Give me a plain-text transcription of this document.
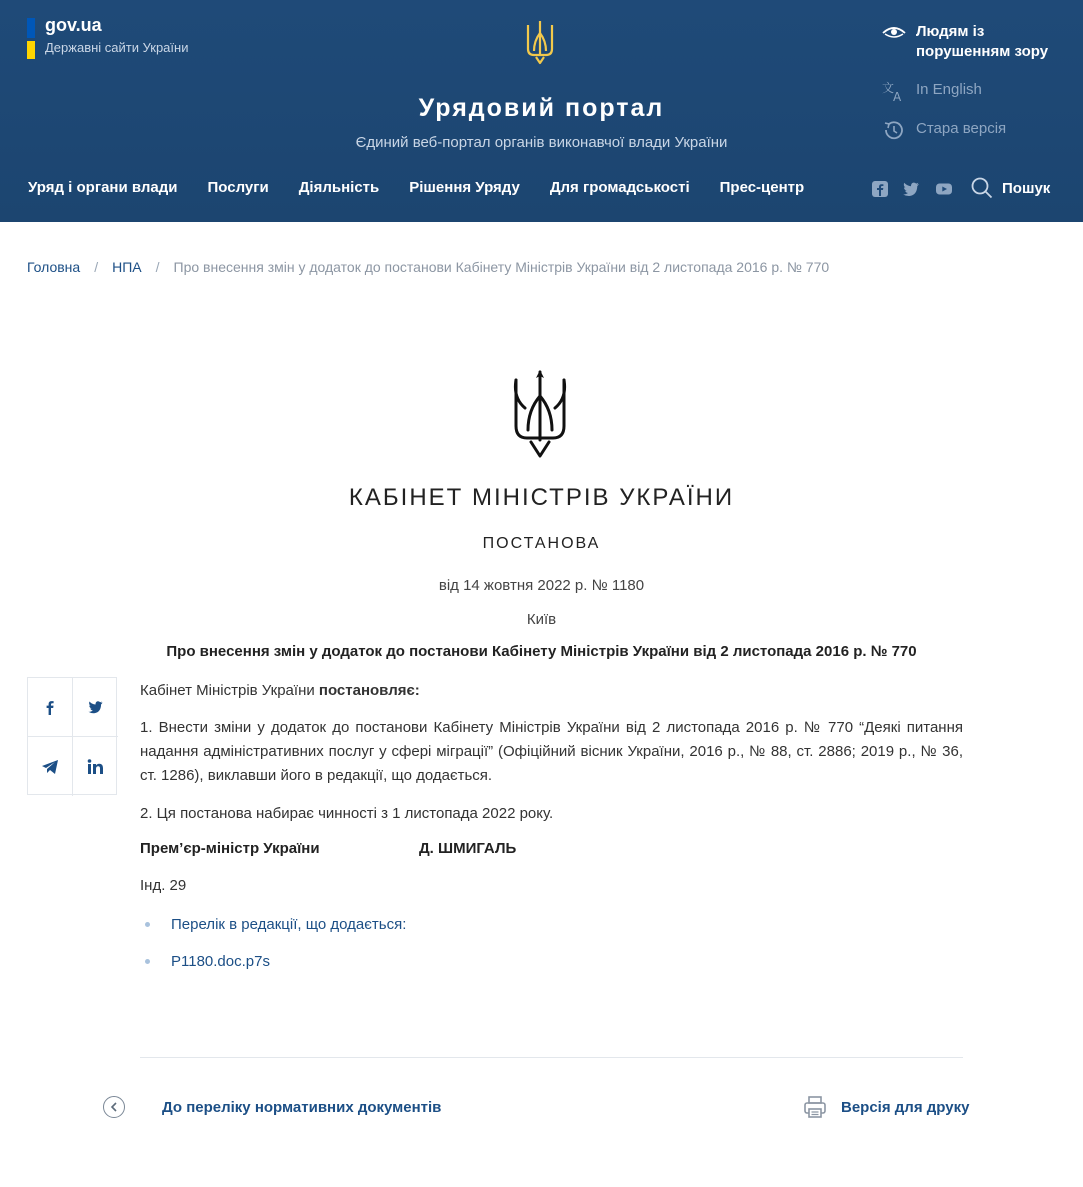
gov.ua
Державні сайти України
Урядовий портал
Єдиний веб-портал органів виконавчої влади України
Людям із порушенням зору
文
A In English
Стара версія
Уряд і органи влади Послуги Діяльність Рішення Уряду Для громадськості Прес-центр	Пошук
Головна / НПА / Про внесення змін у додаток до постанови Кабінету Міністрів України від 2 листопада 2016 р. № 770
КАБІНЕТ МІНІСТРІВ УКРАЇНИ
ПОСТАНОВА
від 14 жовтня 2022 р. № 1180
Київ
Про внесення змін у додаток до постанови Кабінету Міністрів України від 2 листопада 2016 р. № 770
Кабінет Міністрів України постановляє:
1. Внести зміни у додаток до постанови Кабінету Міністрів України від 2 листопада 2016 р. № 770 “Деякі питання надання адміністративних послуг у сфері міграції” (Офіційний вісник України, 2016 р., № 88, ст. 2886; 2019 р., № 36, ст. 1286), виклавши його в редакції, що додається.
2. Ця постанова набирає чинності з 1 листопада 2022 року.
Прем’єр-міністр України	Д. ШМИГАЛЬ
Інд. 29
Перелік в редакції, що додається:
P1180.doc.p7s
До переліку нормативних документів	Версія для друку
